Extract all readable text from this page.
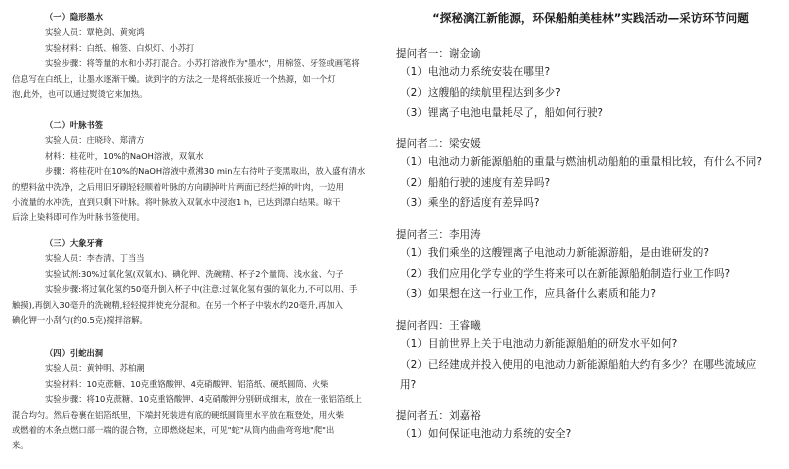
（一）隐形墨水
实验人员：覃艳剑、黄宛鸿
实验材料：白纸、棉签、白炽灯、小苏打
实验步骤：将等量的水和小苏打混合。小苏打溶液作为"墨水"，用棉签、牙签或画笔将
信息写在白纸上，让墨水逐渐干燥。读到字的方法之一是将纸张接近一个热源，如一个灯
泡,此外，也可以通过熨烫它来加热。
（二）叶脉书签
实验人员：庄晓玲、郑清方
材料：桂花叶，10%的NaOH溶液，双氧水
步骤：将桂花叶在10%的NaOH溶液中煮沸30 min左右待叶子变黑取出，放入盛有清水
的塑料盆中洗净，之后用旧牙刷轻轻顺着叶脉的方向刷掉叶片两面已经烂掉的叶肉，一边用
小流量的水冲洗，直到只剩下叶脉。将叶脉放入双氧水中浸泡1 h，已达到漂白结果。晾干
后涂上染料即可作为叶脉书签使用。
（三）大象牙膏
实验人员：李杏清、丁当当
实验试剂:30%过氧化氢(双氧水)、碘化钾、洗碗精、杯子2个量筒、浅水盆、勺子
实验步骤:将过氧化氢约50毫升倒入杯子中(注意:过氧化氢有强的氧化力,不可以用、手
触摸),再倒入30毫升的洗碗精,轻轻搅拌使充分混和。在另一个杯子中装水约20毫升,再加入
碘化钾一小刮勺(约0.5克)搅拌溶解。
（四）引蛇出洞
实验人员：黄钟明、苏柏潮
实验材料：10克蔗糖、10克重铬酸钾、4克硝酸钾、铝箔纸、硬纸圆筒、火柴
实验步骤：将10克蔗糖、10克重铬酸钾、4克硝酸钾分别研成细末，放在一张铝箔纸上
混合均匀。然后卷裹在铝箔纸里，下端封死装进有底的硬纸圆筒里水平放在瓶登处，用火柴
或燃着的木条点燃口部一端的混合物，立即燃烧起来，可见"蛇"从筒内曲曲弯弯地"爬"出
来。
“探秘漓江新能源，环保船舶美桂林”实践活动—采访环节问题
提问者一：谢金谕
（1）电池动力系统安装在哪里?
（2）这艘船的续航里程达到多少?
（3）锂离子电池电量耗尽了，船如何行驶?
提问者二：梁安媛
（1）电池动力新能源船舶的重量与燃油机动船舶的重量相比较，有什么不同?
（2）船舶行驶的速度有差异吗?
（3）乘坐的舒适度有差异吗?
提问者三：李用涛
（1）我们乘坐的这艘锂离子电池动力新能源游船，是由谁研发的?
（2）我们应用化学专业的学生将来可以在新能源船舶制造行业工作吗?
（3）如果想在这一行业工作，应具备什么素质和能力?
提问者四：王睿曦
（1）目前世界上关于电池动力新能源船舶的研发水平如何?
（2）已经建成并投入使用的电池动力新能源船舶大约有多少？在哪些流域应
用?
提问者五：刘嘉裕
（1）如何保证电池动力系统的安全?
